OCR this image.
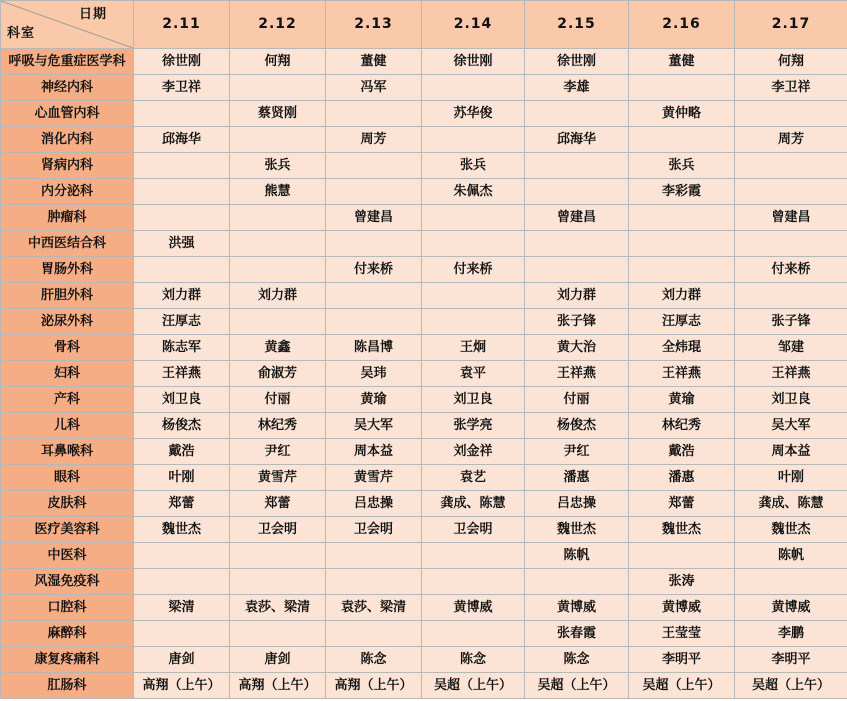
日期
科室	2.11	2.12	2.13	2.14	2.15	2.16	2.17
呼吸与危重症医学科	徐世刚	何翔	董健	徐世刚	徐世刚	董健	何翔
神经内科	李卫祥		冯军		李雄		李卫祥
心血管内科		蔡贤刚		苏华俊		黄仲略	
消化内科	邱海华		周芳		邱海华		周芳
肾病内科		张兵		张兵		张兵	
内分泌科		熊慧		朱佩杰		李彩霞	
肿瘤科			曾建昌		曾建昌		曾建昌
中西医结合科	洪强						
胃肠外科			付来桥	付来桥			付来桥
肝胆外科	刘力群	刘力群			刘力群	刘力群	
泌尿外科	汪厚志				张子锋	汪厚志	张子锋
骨科	陈志军	黄鑫	陈昌博	王炯	黄大治	全炜琨	邹建
妇科	王祥燕	俞淑芳	吴玮	袁平	王祥燕	王祥燕	王祥燕
产科	刘卫良	付丽	黄瑜	刘卫良	付丽	黄瑜	刘卫良
儿科	杨俊杰	林纪秀	吴大军	张学亮	杨俊杰	林纪秀	吴大军
耳鼻喉科	戴浩	尹红	周本益	刘金祥	尹红	戴浩	周本益
眼科	叶刚	黄雪芹	黄雪芹	袁艺	潘惠	潘惠	叶刚
皮肤科	郑蕾	郑蕾	吕忠操	龚成、陈慧	吕忠操	郑蕾	龚成、陈慧
医疗美容科	魏世杰	卫会明	卫会明	卫会明	魏世杰	魏世杰	魏世杰
中医科					陈帆		陈帆
风湿免疫科						张涛	
口腔科	梁清	袁莎、梁清	袁莎、梁清	黄博威	黄博威	黄博威	黄博威
麻醉科					张春霞	王莹莹	李鹏
康复疼痛科	唐剑	唐剑	陈念	陈念	陈念	李明平	李明平
肛肠科	高翔（上午）	高翔（上午）	高翔（上午）	吴超（上午）	吴超（上午）	吴超（上午）	吴超（上午）
